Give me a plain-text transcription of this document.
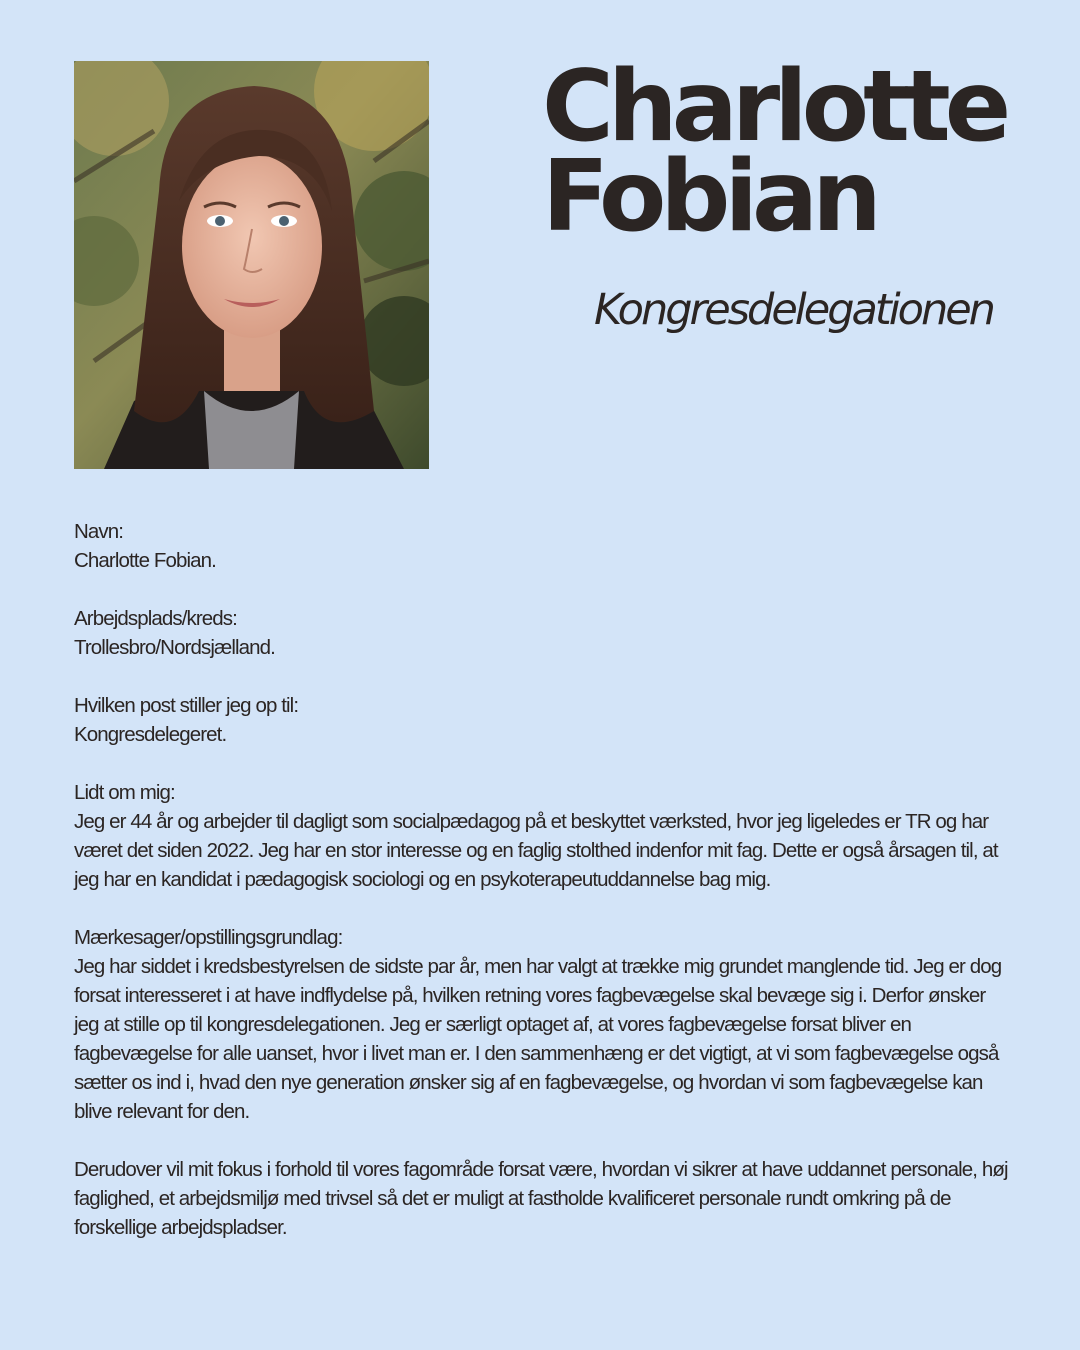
Charlotte
Fobian
Kongresdelegationen

Navn:

Charlotte Fobian.

Arbejdsplads/kreds:

Trollesbro/Nordsjælland.

Hvilken post stiller jeg op til:

Kongresdelegeret.

Lidt om mig:

Jeg er 44 år og arbejder til dagligt som socialpædagog på et beskyttet værksted, hvor jeg ligeledes er TR og har været det siden 2022. Jeg har en stor interesse og en faglig stolthed indenfor mit fag. Dette er også årsagen til, at jeg har en kandidat i pædagogisk sociologi og en psykoterapeutuddannelse bag mig.

Mærkesager/opstillingsgrundlag:

Jeg har siddet i kredsbestyrelsen de sidste par år, men har valgt at trække mig grundet manglende tid. Jeg er dog forsat interesseret i at have indflydelse på, hvilken retning vores fagbevægelse skal bevæge sig i. Derfor ønsker jeg at stille op til kongresdelegationen. Jeg er særligt optaget af, at vores fagbevægelse forsat bliver en fagbevægelse for alle uanset, hvor i livet man er. I den sammenhæng er det vigtigt, at vi som fagbevægelse også sætter os ind i, hvad den nye generation ønsker sig af en fagbevægelse, og hvordan vi som fagbevægelse kan blive relevant for den.

Derudover vil mit fokus i forhold til vores fagområde forsat være, hvordan vi sikrer at have uddannet personale, høj faglighed, et arbejdsmiljø med trivsel så det er muligt at fastholde kvalificeret personale rundt omkring på de forskellige arbejdspladser.
